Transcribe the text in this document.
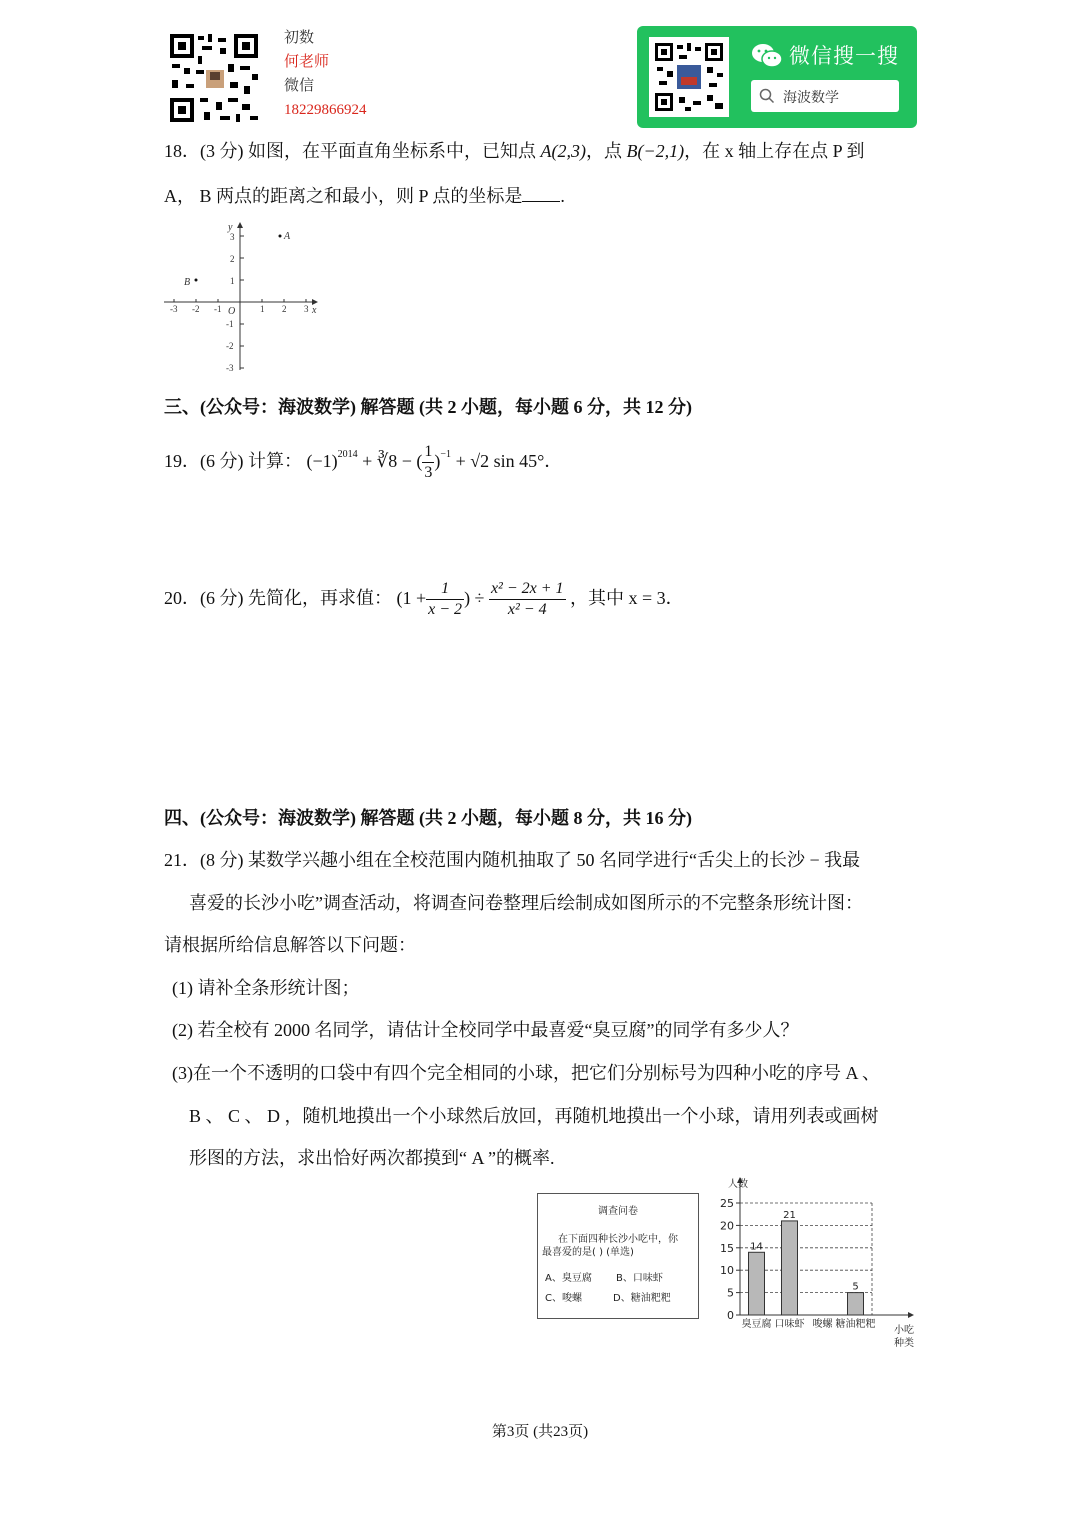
初数
何老师
微信
18229866924
微信搜一搜
海波数学
18．(3 分) 如图，在平面直角坐标系中，已知点 A(2,3)，点 B(−2,1)，在 x 轴上存在点 P 到
A， B 两点的距离之和最小，则 P 点的坐标是 .
-3 -2 -1	1 2 3
3
2
1
-1
-2
-3
x
y
O
A
B
三、(公众号：海波数学) 解答题 (共 2 小题，每小题 6 分，共 12 分)
19．(6 分) 计算： $(-1)^{2014}$ + ∛8 − ( $\frac{1}{3} )^{-1} + √2$ sin 45°．
20．(6 分) 先简化，再求值： ($1 + \frac{1}{x - 2}$ ) ÷ $\frac{\text{x² − 2x + 1}}{\text{x² − 4}}$ ，其中 x = 3．
四、(公众号：海波数学) 解答题 (共 2 小题，每小题 8 分，共 16 分)
21．(8 分) 某数学兴趣小组在全校范围内随机抽取了 50 名同学进行“舌尖上的长沙 − 我最
喜爱的长沙小吃”调查活动，将调查问卷整理后绘制成如图所示的不完整条形统计图：
请根据所给信息解答以下问题：
(1) 请补全条形统计图；
(2) 若全校有 2000 名同学，请估计全校同学中最喜爱“臭豆腐”的同学有多少人？
(3)在一个不透明的口袋中有四个完全相同的小球，把它们分别标号为四种小吃的序号 A 、
B 、 C 、 D ，随机地摸出一个小球然后放回，再随机地摸出一个小球，请用列表或画树
形图的方法，求出恰好两次都摸到“ A ”的概率.
调查问卷
在下面四种长沙小吃中，你
最喜爱的是( ) (单选)
A、臭豆腐 B、口味虾
C、唆螺	D、糖油粑粑
0
5
10
15
20
25
人数
14
臭豆腐
21
口味虾 唆螺
5
糖油粑粑
小吃
种类
第3页 (共23页)
